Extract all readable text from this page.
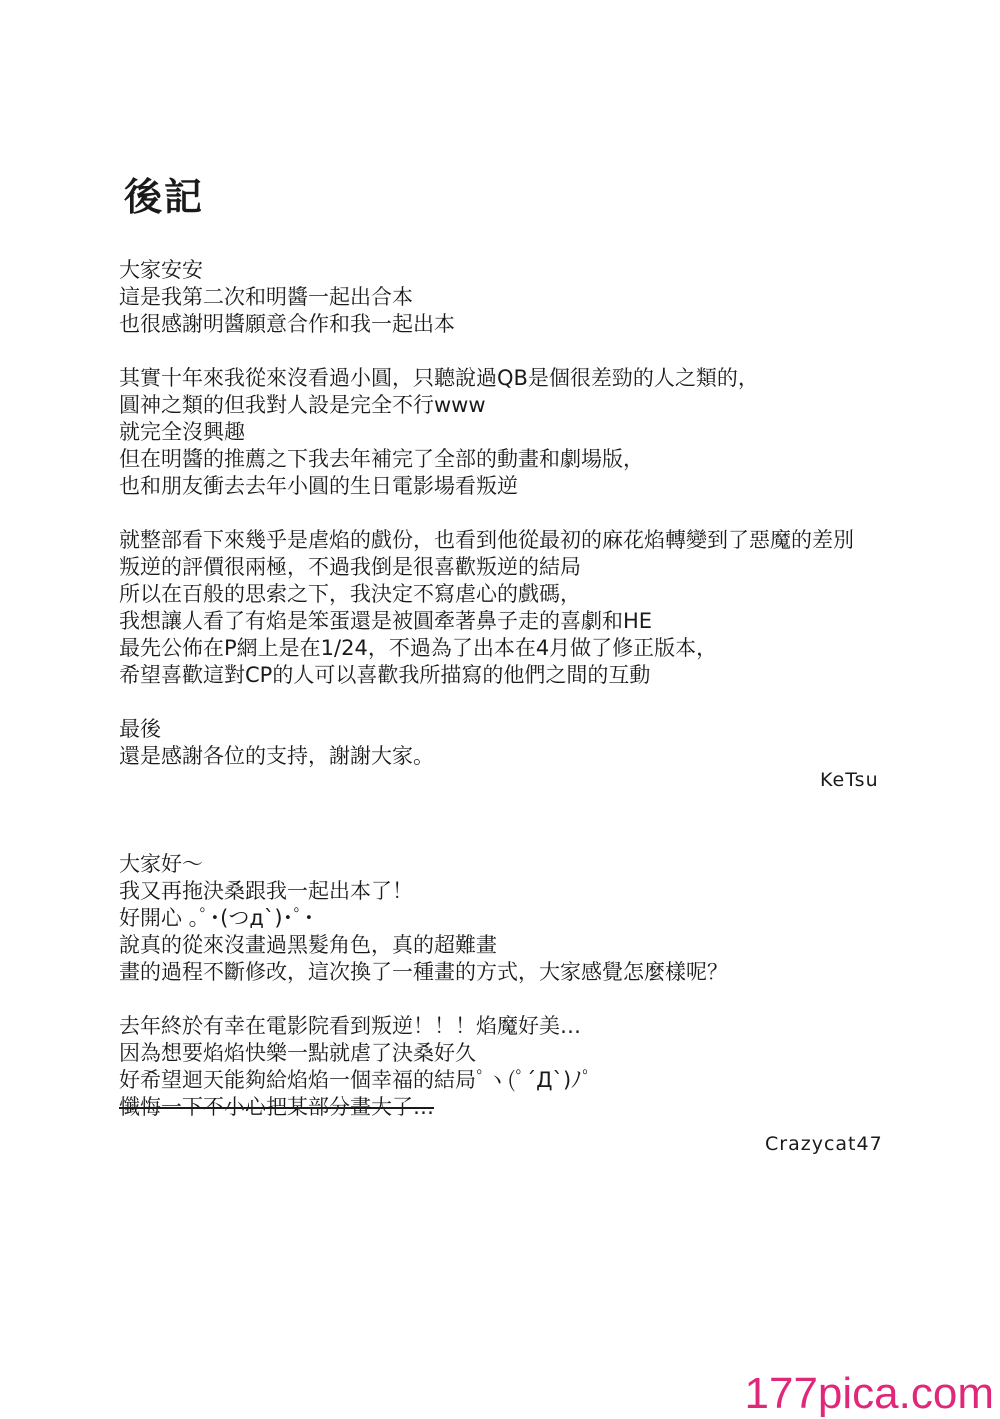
後記
大家安安
這是我第二次和明醬一起出合本
也很感謝明醬願意合作和我一起出本
其實十年來我從來沒看過小圓，只聽說過QB是個很差勁的人之類的，
圓神之類的但我對人設是完全不行www
就完全沒興趣
但在明醬的推薦之下我去年補完了全部的動畫和劇場版，
也和朋友衝去去年小圓的生日電影場看叛逆
就整部看下來幾乎是虐焰的戲份，也看到他從最初的麻花焰轉變到了惡魔的差別
叛逆的評價很兩極，不過我倒是很喜歡叛逆的結局
所以在百般的思索之下，我決定不寫虐心的戲碼，
我想讓人看了有焰是笨蛋還是被圓牽著鼻子走的喜劇和HE
最先公佈在P網上是在1/24，不過為了出本在4月做了修正版本，
希望喜歡這對CP的人可以喜歡我所描寫的他們之間的互動
最後
還是感謝各位的支持，謝謝大家。
KeTsu
大家好～
我又再拖決桑跟我一起出本了！
好開心 ｡ﾟ･(つд`)･ﾟ･
說真的從來沒畫過黑髮角色，真的超難畫
畫的過程不斷修改，這次換了一種畫的方式，大家感覺怎麼樣呢？
去年終於有幸在電影院看到叛逆！！！焰魔好美…
因為想要焰焰快樂一點就虐了決桑好久
好希望迴天能夠給焰焰一個幸福的結局ﾟヽ(ﾟ´Д`)ﾉﾟ
懺悔一下不小心把某部分畫大了…
Crazycat47
177pica.com
